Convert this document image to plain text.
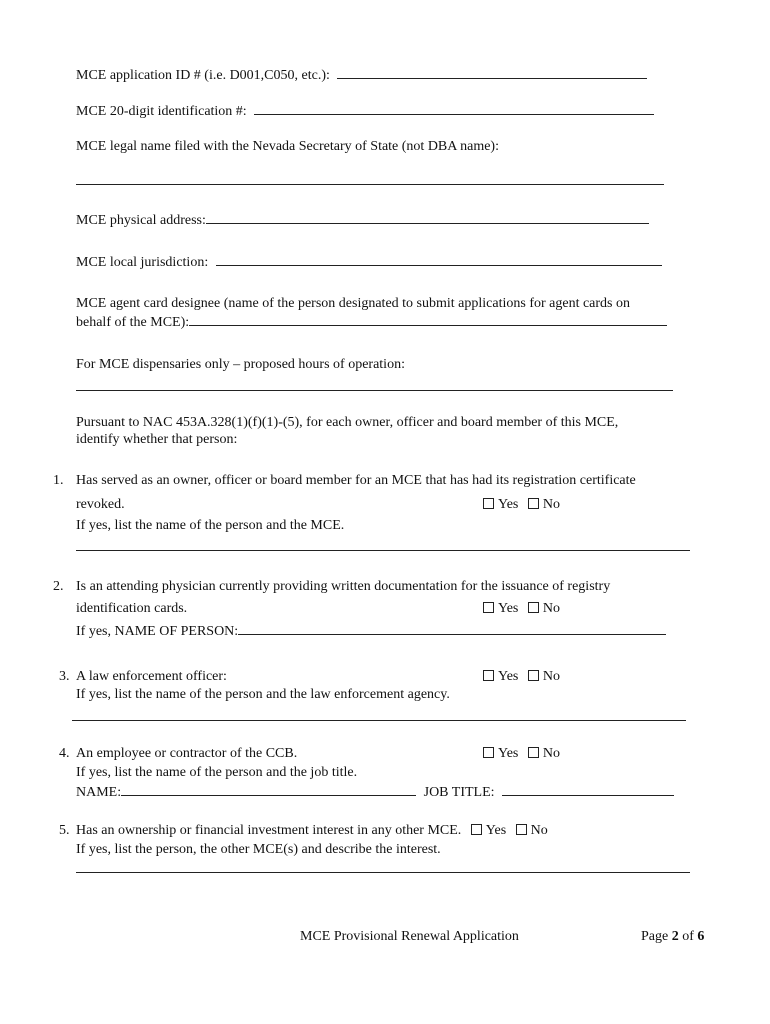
MCE application ID # (i.e. D001,C050, etc.):
MCE 20-digit identification #:
MCE legal name filed with the Nevada Secretary of State (not DBA name):
MCE physical address:
MCE local jurisdiction:
MCE agent card designee (name of the person designated to submit applications for agent cards on
behalf of the MCE):
For MCE dispensaries only – proposed hours of operation:
Pursuant to NAC 453A.328(1)(f)(1)-(5), for each owner, officer and board member of this MCE,
identify whether that person:
1. Has served as an owner, officer or board member for an MCE that has had its registration certificate
revoked.	Yes No
If yes, list the name of the person and the MCE.
2. Is an attending physician currently providing written documentation for the issuance of registry
identification cards.	Yes No
If yes, NAME OF PERSON:
3. A law enforcement officer:	Yes No
If yes, list the name of the person and the law enforcement agency.
4. An employee or contractor of the CCB.	Yes No
If yes, list the name of the person and the job title.
NAME:	JOB TITLE:
5. Has an ownership or financial investment interest in any other MCE. Yes No
If yes, list the person, the other MCE(s) and describe the interest.
MCE Provisional Renewal Application	Page 2 of 6
